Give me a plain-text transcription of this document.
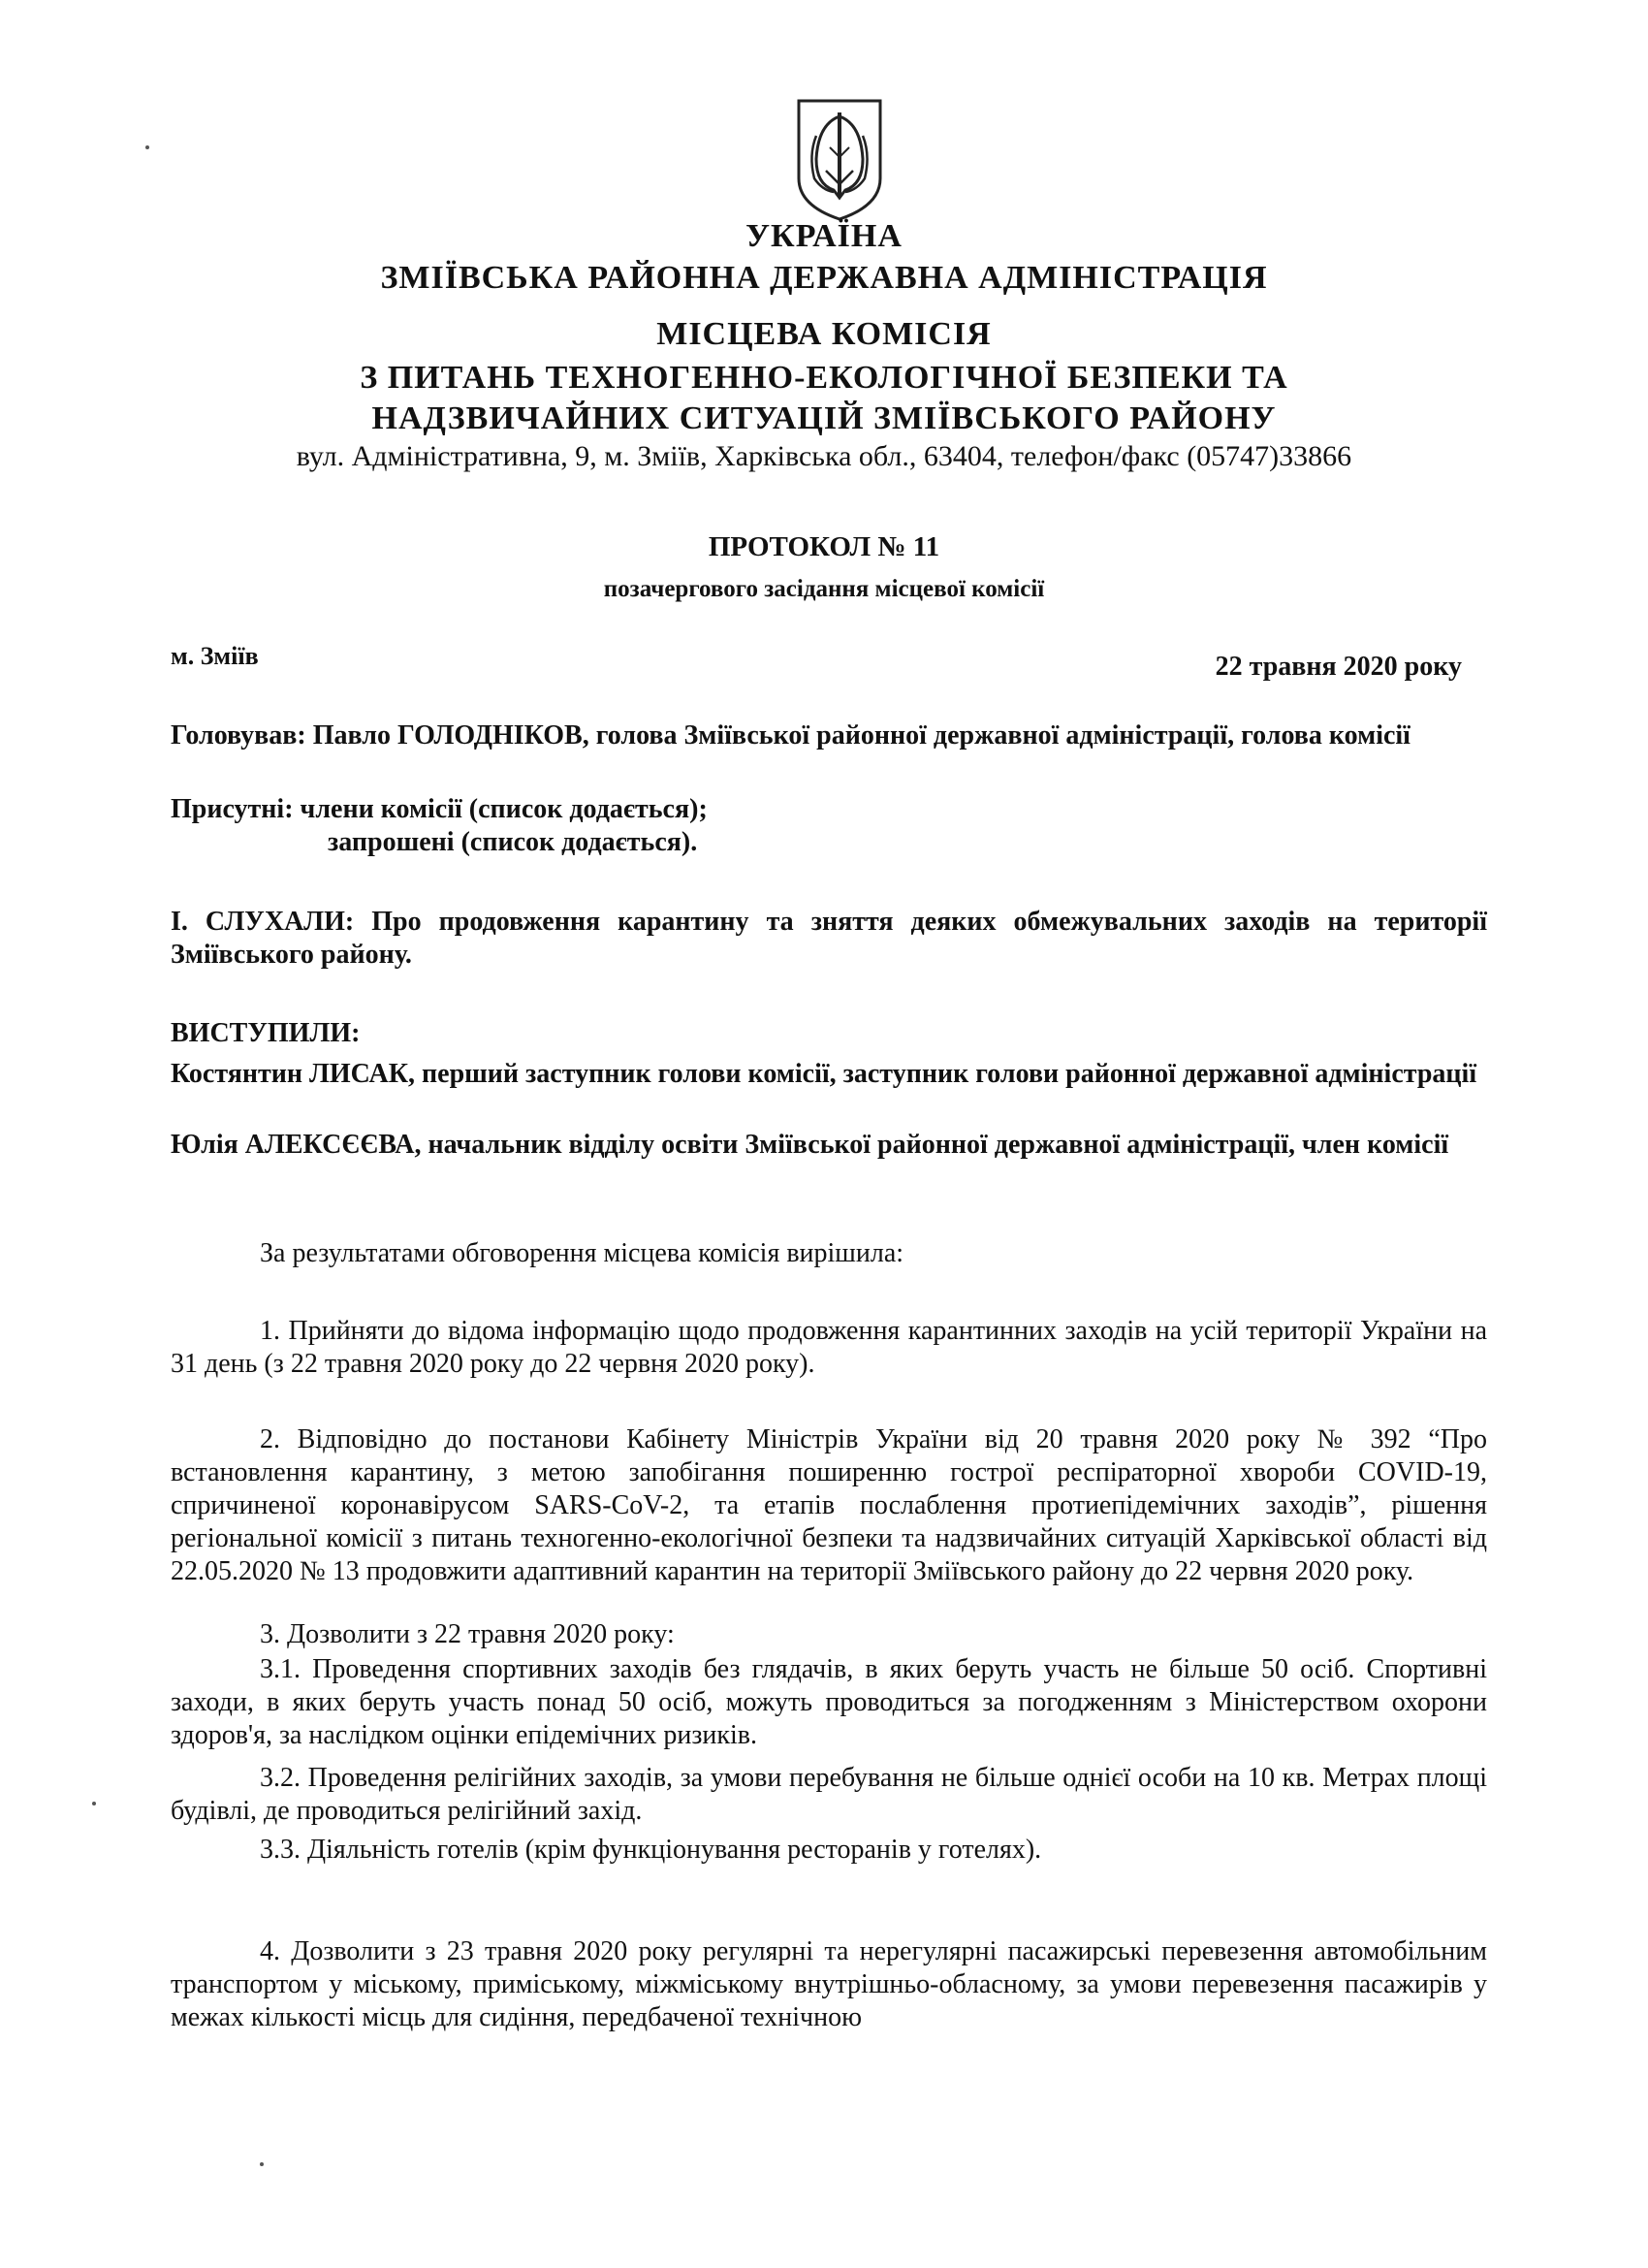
УКРАЇНА
ЗМІЇВСЬКА РАЙОННА ДЕРЖАВНА АДМІНІСТРАЦІЯ
МІСЦЕВА КОМІСІЯ
З ПИТАНЬ ТЕХНОГЕННО-ЕКОЛОГІЧНОЇ БЕЗПЕКИ ТА
НАДЗВИЧАЙНИХ СИТУАЦІЙ ЗМІЇВСЬКОГО РАЙОНУ
вул. Адміністративна, 9, м. Зміїв, Харківська обл., 63404, телефон/факс (05747)33866
ПРОТОКОЛ № 11
позачергового засідання місцевої комісії
м. Зміїв	22 травня 2020 року
Головував: Павло ГОЛОДНІКОВ, голова Зміївської районної державної адміністрації, голова комісії
Присутні: члени комісії (список додається);
запрошені (список додається).
I. СЛУХАЛИ: Про продовження карантину та зняття деяких обмежувальних заходів на території Зміївського району.
ВИСТУПИЛИ:
Костянтин ЛИСАК, перший заступник голови комісії, заступник голови районної державної адміністрації
Юлія АЛЕКСЄЄВА, начальник відділу освіти Зміївської районної державної адміністрації, член комісії
За результатами обговорення місцева комісія вирішила:
1. Прийняти до відома інформацію щодо продовження карантинних заходів на усій території України на 31 день (з 22 травня 2020 року до 22 червня 2020 року).
2. Відповідно до постанови Кабінету Міністрів України від 20 травня 2020 року № 392 “Про встановлення карантину, з метою запобігання поширенню гострої респіраторної хвороби COVID-19, спричиненої коронавірусом SARS-CoV-2, та етапів послаблення протиепідемічних заходів”, рішення регіональної комісії з питань техногенно-екологічної безпеки та надзвичайних ситуацій Харківської області від 22.05.2020 № 13 продовжити адаптивний карантин на території Зміївського району до 22 червня 2020 року.
3. Дозволити з 22 травня 2020 року:
3.1. Проведення спортивних заходів без глядачів, в яких беруть участь не більше 50 осіб. Спортивні заходи, в яких беруть участь понад 50 осіб, можуть проводиться за погодженням з Міністерством охорони здоров'я, за наслідком оцінки епідемічних ризиків.
3.2. Проведення релігійних заходів, за умови перебування не більше однієї особи на 10 кв. Метрах площі будівлі, де проводиться релігійний захід.
3.3. Діяльність готелів (крім функціонування ресторанів у готелях).
4. Дозволити з 23 травня 2020 року регулярні та нерегулярні пасажирські перевезення автомобільним транспортом у міському, приміському, міжміському внутрішньо-обласному, за умови перевезення пасажирів у межах кількості місць для сидіння, передбаченої технічною
